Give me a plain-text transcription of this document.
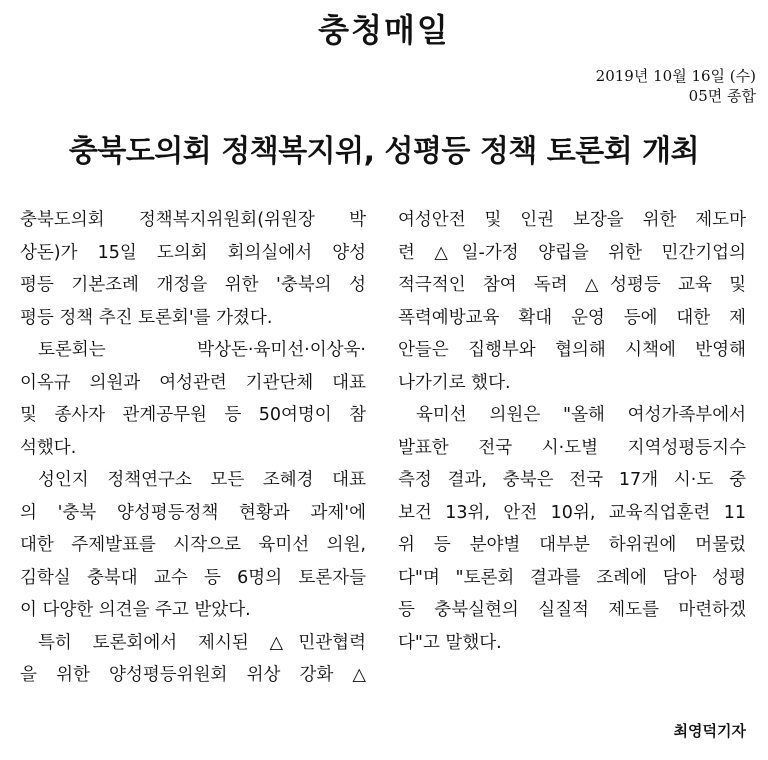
충청매일
2019년 10월 16일 (수)
05면 종합
충북도의회 정책복지위, 성평등 정책 토론회 개최
충북도의회 정책복지위원회(위원장 박
상돈)가 15일 도의회 회의실에서 양성
평등 기본조례 개정을 위한 '충북의 성
평등 정책 추진 토론회'를 가졌다.
토론회는 박상돈·육미선·이상욱·
이옥규 의원과 여성관련 기관단체 대표
및 종사자 관계공무원 등 50여명이 참
석했다.
성인지 정책연구소 모든 조혜경 대표
의 '충북 양성평등정책 현황과 과제'에
대한 주제발표를 시작으로 육미선 의원,
김학실 충북대 교수 등 6명의 토론자들
이 다양한 의견을 주고 받았다.
특히 토론회에서 제시된 △민관협력
을 위한 양성평등위원회 위상 강화 △
여성안전 및 인권 보장을 위한 제도마
련 △일-가정 양립을 위한 민간기업의
적극적인 참여 독려 △성평등 교육 및
폭력예방교육 확대 운영 등에 대한 제
안들은 집행부와 협의해 시책에 반영해
나가기로 했다.
육미선 의원은 "올해 여성가족부에서
발표한 전국 시·도별 지역성평등지수
측정 결과, 충북은 전국 17개 시·도 중
보건 13위, 안전 10위, 교육직업훈련 11
위 등 분야별 대부분 하위권에 머물렀
다"며 "토론회 결과를 조례에 담아 성평
등 충북실현의 실질적 제도를 마련하겠
다"고 말했다.
최영덕기자
